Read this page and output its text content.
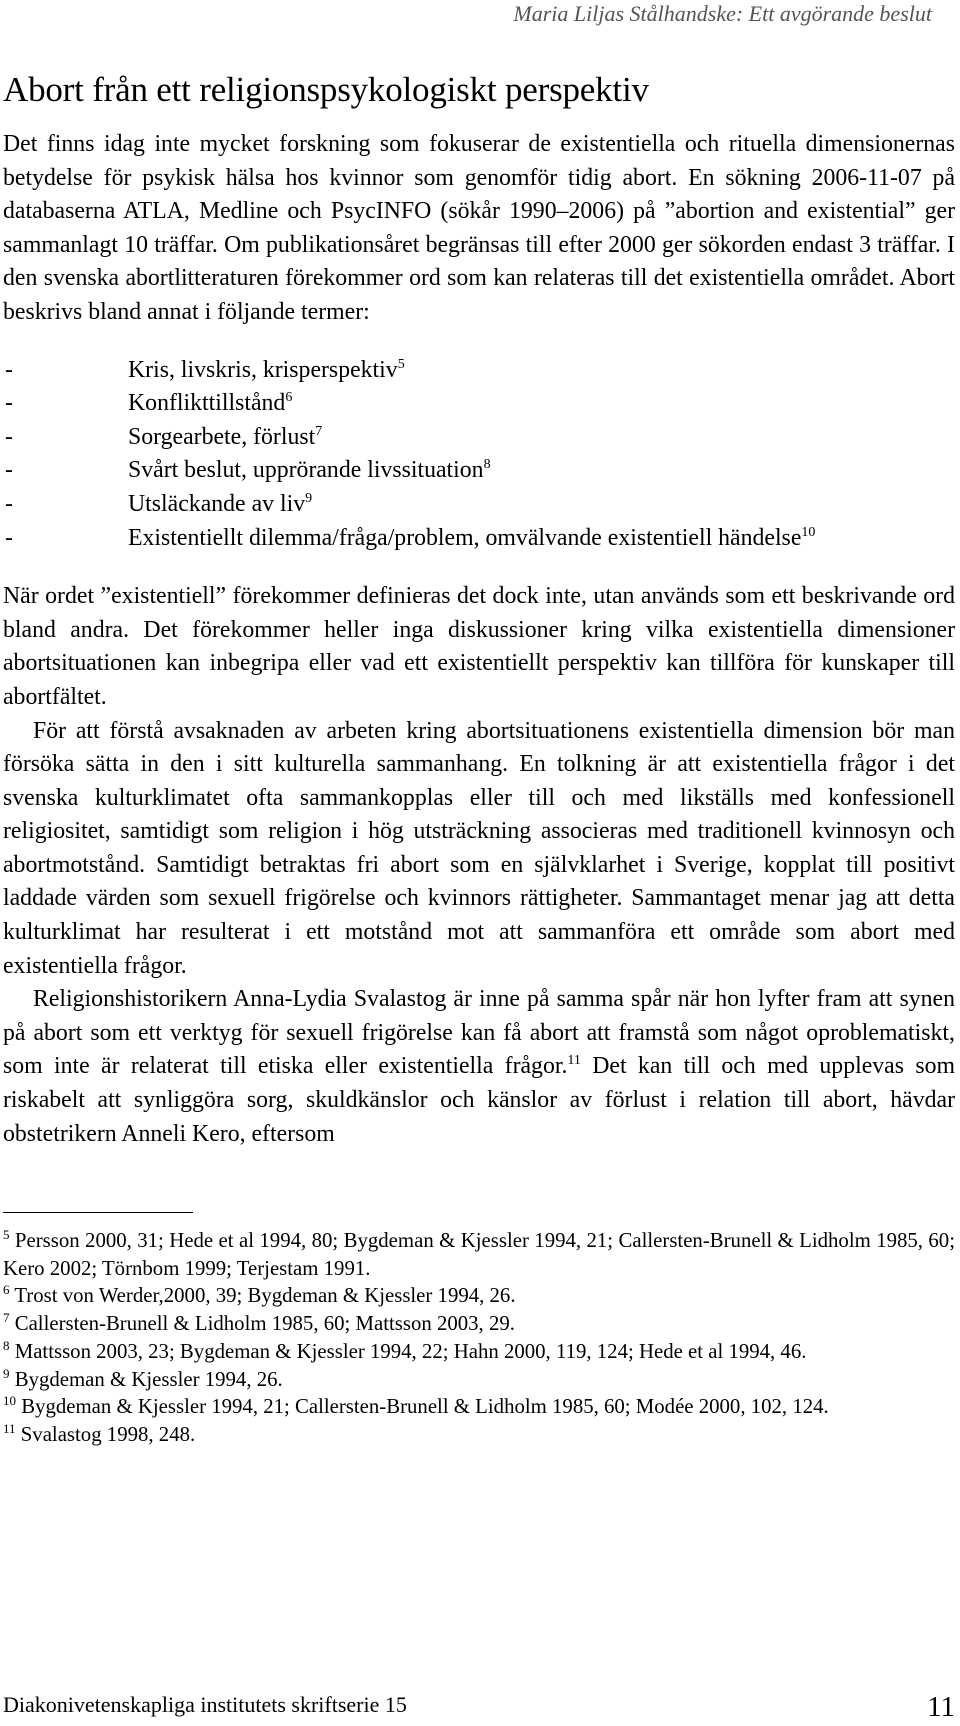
Maria Liljas Stålhandske: Ett avgörande beslut
Abort från ett religionspsykologiskt perspektiv

Det finns idag inte mycket forskning som fokuserar de existentiella och rituella dimensionernas betydelse för psykisk hälsa hos kvinnor som genomför tidig abort. En sökning 2006-11-07 på databaserna ATLA, Medline och PsycINFO (sökår 1990–2006) på ”abortion and existential” ger sammanlagt 10 träffar. Om publikationsåret begränsas till efter 2000 ger sökorden endast 3 träffar. I den svenska abortlitteraturen förekommer ord som kan relateras till det existentiella området. Abort beskrivs bland annat i följande termer:

-	Kris, livskris, krisperspektiv$^5$
-	Konflikttillstånd$^6$
-	Sorgearbete, förlust$^7$
-	Svårt beslut, upprörande livssituation$^8$
-	Utsläckande av liv$^9$
-	Existentiellt dilemma/fråga/problem, omvälvande existentiell händelse$^{10}$

När ordet ”existentiell” förekommer definieras det dock inte, utan används som ett beskrivande ord bland andra. Det förekommer heller inga diskussioner kring vilka existentiella dimensioner abortsituationen kan inbegripa eller vad ett existentiellt perspektiv kan tillföra för kunskaper till abortfältet.

För att förstå avsaknaden av arbeten kring abortsituationens existentiella dimension bör man försöka sätta in den i sitt kulturella sammanhang. En tolkning är att existentiella frågor i det svenska kulturklimatet ofta sammankopplas eller till och med likställs med konfessionell religiositet, samtidigt som religion i hög utsträckning associeras med traditionell kvinnosyn och abortmotstånd. Samtidigt betraktas fri abort som en självklarhet i Sverige, kopplat till positivt laddade värden som sexuell frigörelse och kvinnors rättigheter. Sammantaget menar jag att detta kulturklimat har resulterat i ett motstånd mot att sammanföra ett område som abort med existentiella frågor.

Religionshistorikern Anna-Lydia Svalastog är inne på samma spår när hon lyfter fram att synen på abort som ett verktyg för sexuell frigörelse kan få abort att framstå som något oproblematiskt, som inte är relaterat till etiska eller existentiella frågor.$^{11}$ Det kan till och med upplevas som riskabelt att synliggöra sorg, skuldkänslor och känslor av förlust i relation till abort, hävdar obstetrikern Anneli Kero, eftersom

$^5$ Persson 2000, 31; Hede et al 1994, 80; Bygdeman & Kjessler 1994, 21; Callersten-Brunell & Lidholm 1985, 60; Kero 2002; Törnbom 1999; Terjestam 1991.

$^6$ Trost von Werder,2000, 39; Bygdeman & Kjessler 1994, 26.

$^7$ Callersten-Brunell & Lidholm 1985, 60; Mattsson 2003, 29.

$^8$ Mattsson 2003, 23; Bygdeman & Kjessler 1994, 22; Hahn 2000, 119, 124; Hede et al 1994, 46.

$^9$ Bygdeman & Kjessler 1994, 26.

$^{10}$ Bygdeman & Kjessler 1994, 21; Callersten-Brunell & Lidholm 1985, 60; Modée 2000, 102, 124.

$^{11}$ Svalastog 1998, 248.

Diakonivetenskapliga institutets skriftserie 15	11
